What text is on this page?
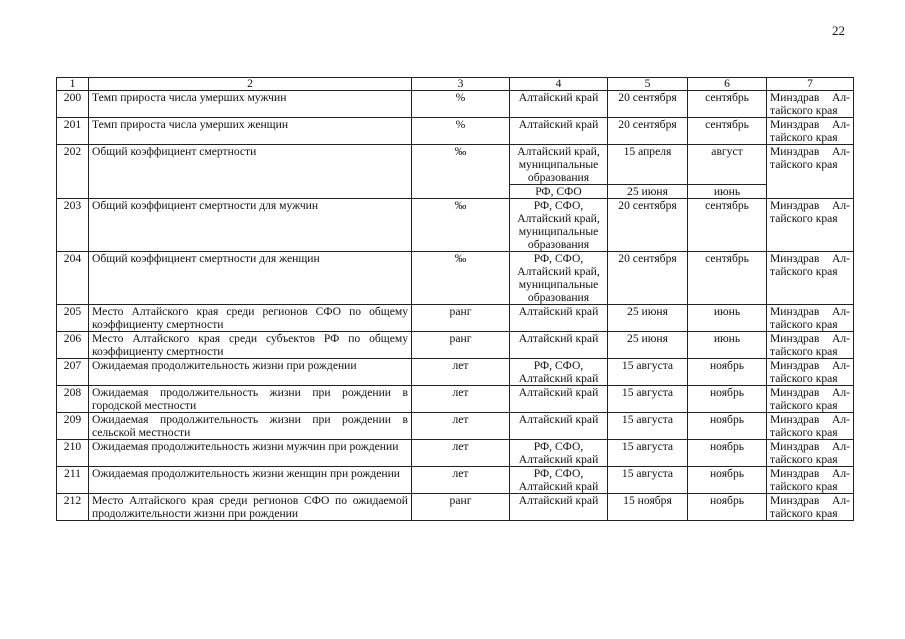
22
1	2	3	4	5	6	7
200	Темп прироста числа умерших мужчин	%	Алтайский край	20 сентября	сентябрь	Минздрав Ал-
тайского края

201	Темп прироста числа умерших женщин	%	Алтайский край	20 сентября	сентябрь	Минздрав Ал-
тайского края

202	Общий коэффициент смертности	‰	Алтайский край, муниципальные образования	15 апреля	август	Минздрав Ал-
тайского края

			РФ, СФО	25 июня	июнь	
203	Общий коэффициент смертности для мужчин	‰	РФ, СФО, Алтайский край, муниципальные образования	20 сентября	сентябрь	Минздрав Ал-
тайского края

204	Общий коэффициент смертности для женщин	‰	РФ, СФО, Алтайский край, муниципальные образования	20 сентября	сентябрь	Минздрав Ал-
тайского края

205	Место Алтайского края среди регионов СФО по общему коэффициенту смертности	ранг	Алтайский край	25 июня	июнь	Минздрав Ал-
тайского края

206	Место Алтайского края среди субъектов РФ по общему коэффициенту смертности	ранг	Алтайский край	25 июня	июнь	Минздрав Ал-
тайского края

207	Ожидаемая продолжительность жизни при рождении	лет	РФ, СФО, Алтайский край	15 августа	ноябрь	Минздрав Ал-
тайского края

208	Ожидаемая продолжительность жизни при рождении в городской местности	лет	Алтайский край	15 августа	ноябрь	Минздрав Ал-
тайского края

209	Ожидаемая продолжительность жизни при рождении в сельской местности	лет	Алтайский край	15 августа	ноябрь	Минздрав Ал-
тайского края

210	Ожидаемая продолжительность жизни мужчин при рождении	лет	РФ, СФО, Алтайский край	15 августа	ноябрь	Минздрав Ал-
тайского края

211	Ожидаемая продолжительность жизни женщин при рождении	лет	РФ, СФО, Алтайский край	15 августа	ноябрь	Минздрав Ал-
тайского края

212	Место Алтайского края среди регионов СФО по ожидаемой продолжительности жизни при рождении	ранг	Алтайский край	15 ноября	ноябрь	Минздрав Ал-
тайского края
